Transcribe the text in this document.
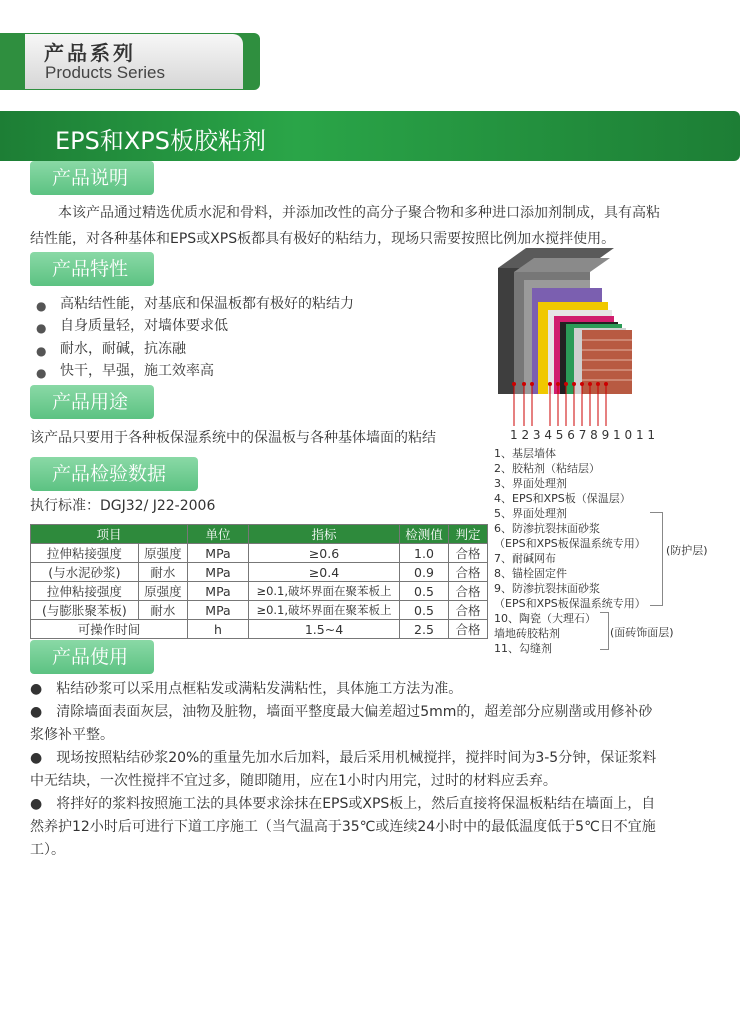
产品系列
Products Series
EPS和XPS板胶粘剂
产品说明
　　本该产品通过精选优质水泥和骨料，并添加改性的高分子聚合物和多种进口添加剂制成，具有高粘
结性能，对各种基体和EPS或XPS板都具有极好的粘结力，现场只需要按照比例加水搅拌使用。
产品特性
● 高粘结性能，对基底和保温板都有极好的粘结力
● 自身质量轻，对墙体要求低
● 耐水，耐碱，抗冻融
● 快干，早强，施工效率高
产品用途
该产品只要用于各种板保湿系统中的保温板与各种基体墙面的粘结
产品检验数据
执行标准：DGJ32/ J22-2006
项目		单位	指标	检测值	判定
拉伸粘接强度	原强度	MPa	≥0.6	1.0	合格
(与水泥砂浆)	耐水	MPa	≥0.4	0.9	合格
拉伸粘接强度	原强度	MPa	≥0.1,破坏界面在聚苯板上	0.5	合格
(与膨胀聚苯板)	耐水	MPa	≥0.1,破坏界面在聚苯板上	0.5	合格
可操作时间		h	1.5~4	2.5	合格
1 2 3 4 5 6 7 8 9 1 0 1 1
1、基层墙体
2、胶粘剂（粘结层）
3、界面处理剂
4、EPS和XPS板（保温层）
5、界面处理剂
6、防渗抗裂抹面砂浆
（EPS和XPS板保温系统专用）
7、耐碱网布
8、锚栓固定件
9、防渗抗裂抹面砂浆
（EPS和XPS板保温系统专用）
10、陶瓷（大理石）
墙地砖胶粘剂
11、勾缝剂
(防护层)
(面砖饰面层)
产品使用
●　粘结砂浆可以采用点框粘发或满粘发满粘性，具体施工方法为准。
●　清除墙面表面灰层，油物及脏物，墙面平整度最大偏差超过5mm的，超差部分应剔凿或用修补砂
浆修补平整。
●　现场按照粘结砂浆20%的重量先加水后加料，最后采用机械搅拌，搅拌时间为3-5分钟，保证浆料
中无结块，一次性搅拌不宜过多，随即随用，应在1小时内用完，过时的材料应丢弃。
●　将拌好的浆料按照施工法的具体要求涂抹在EPS或XPS板上，然后直接将保温板粘结在墙面上，自
然养护12小时后可进行下道工序施工（当气温高于35℃或连续24小时中的最低温度低于5℃日不宜施
工）。
